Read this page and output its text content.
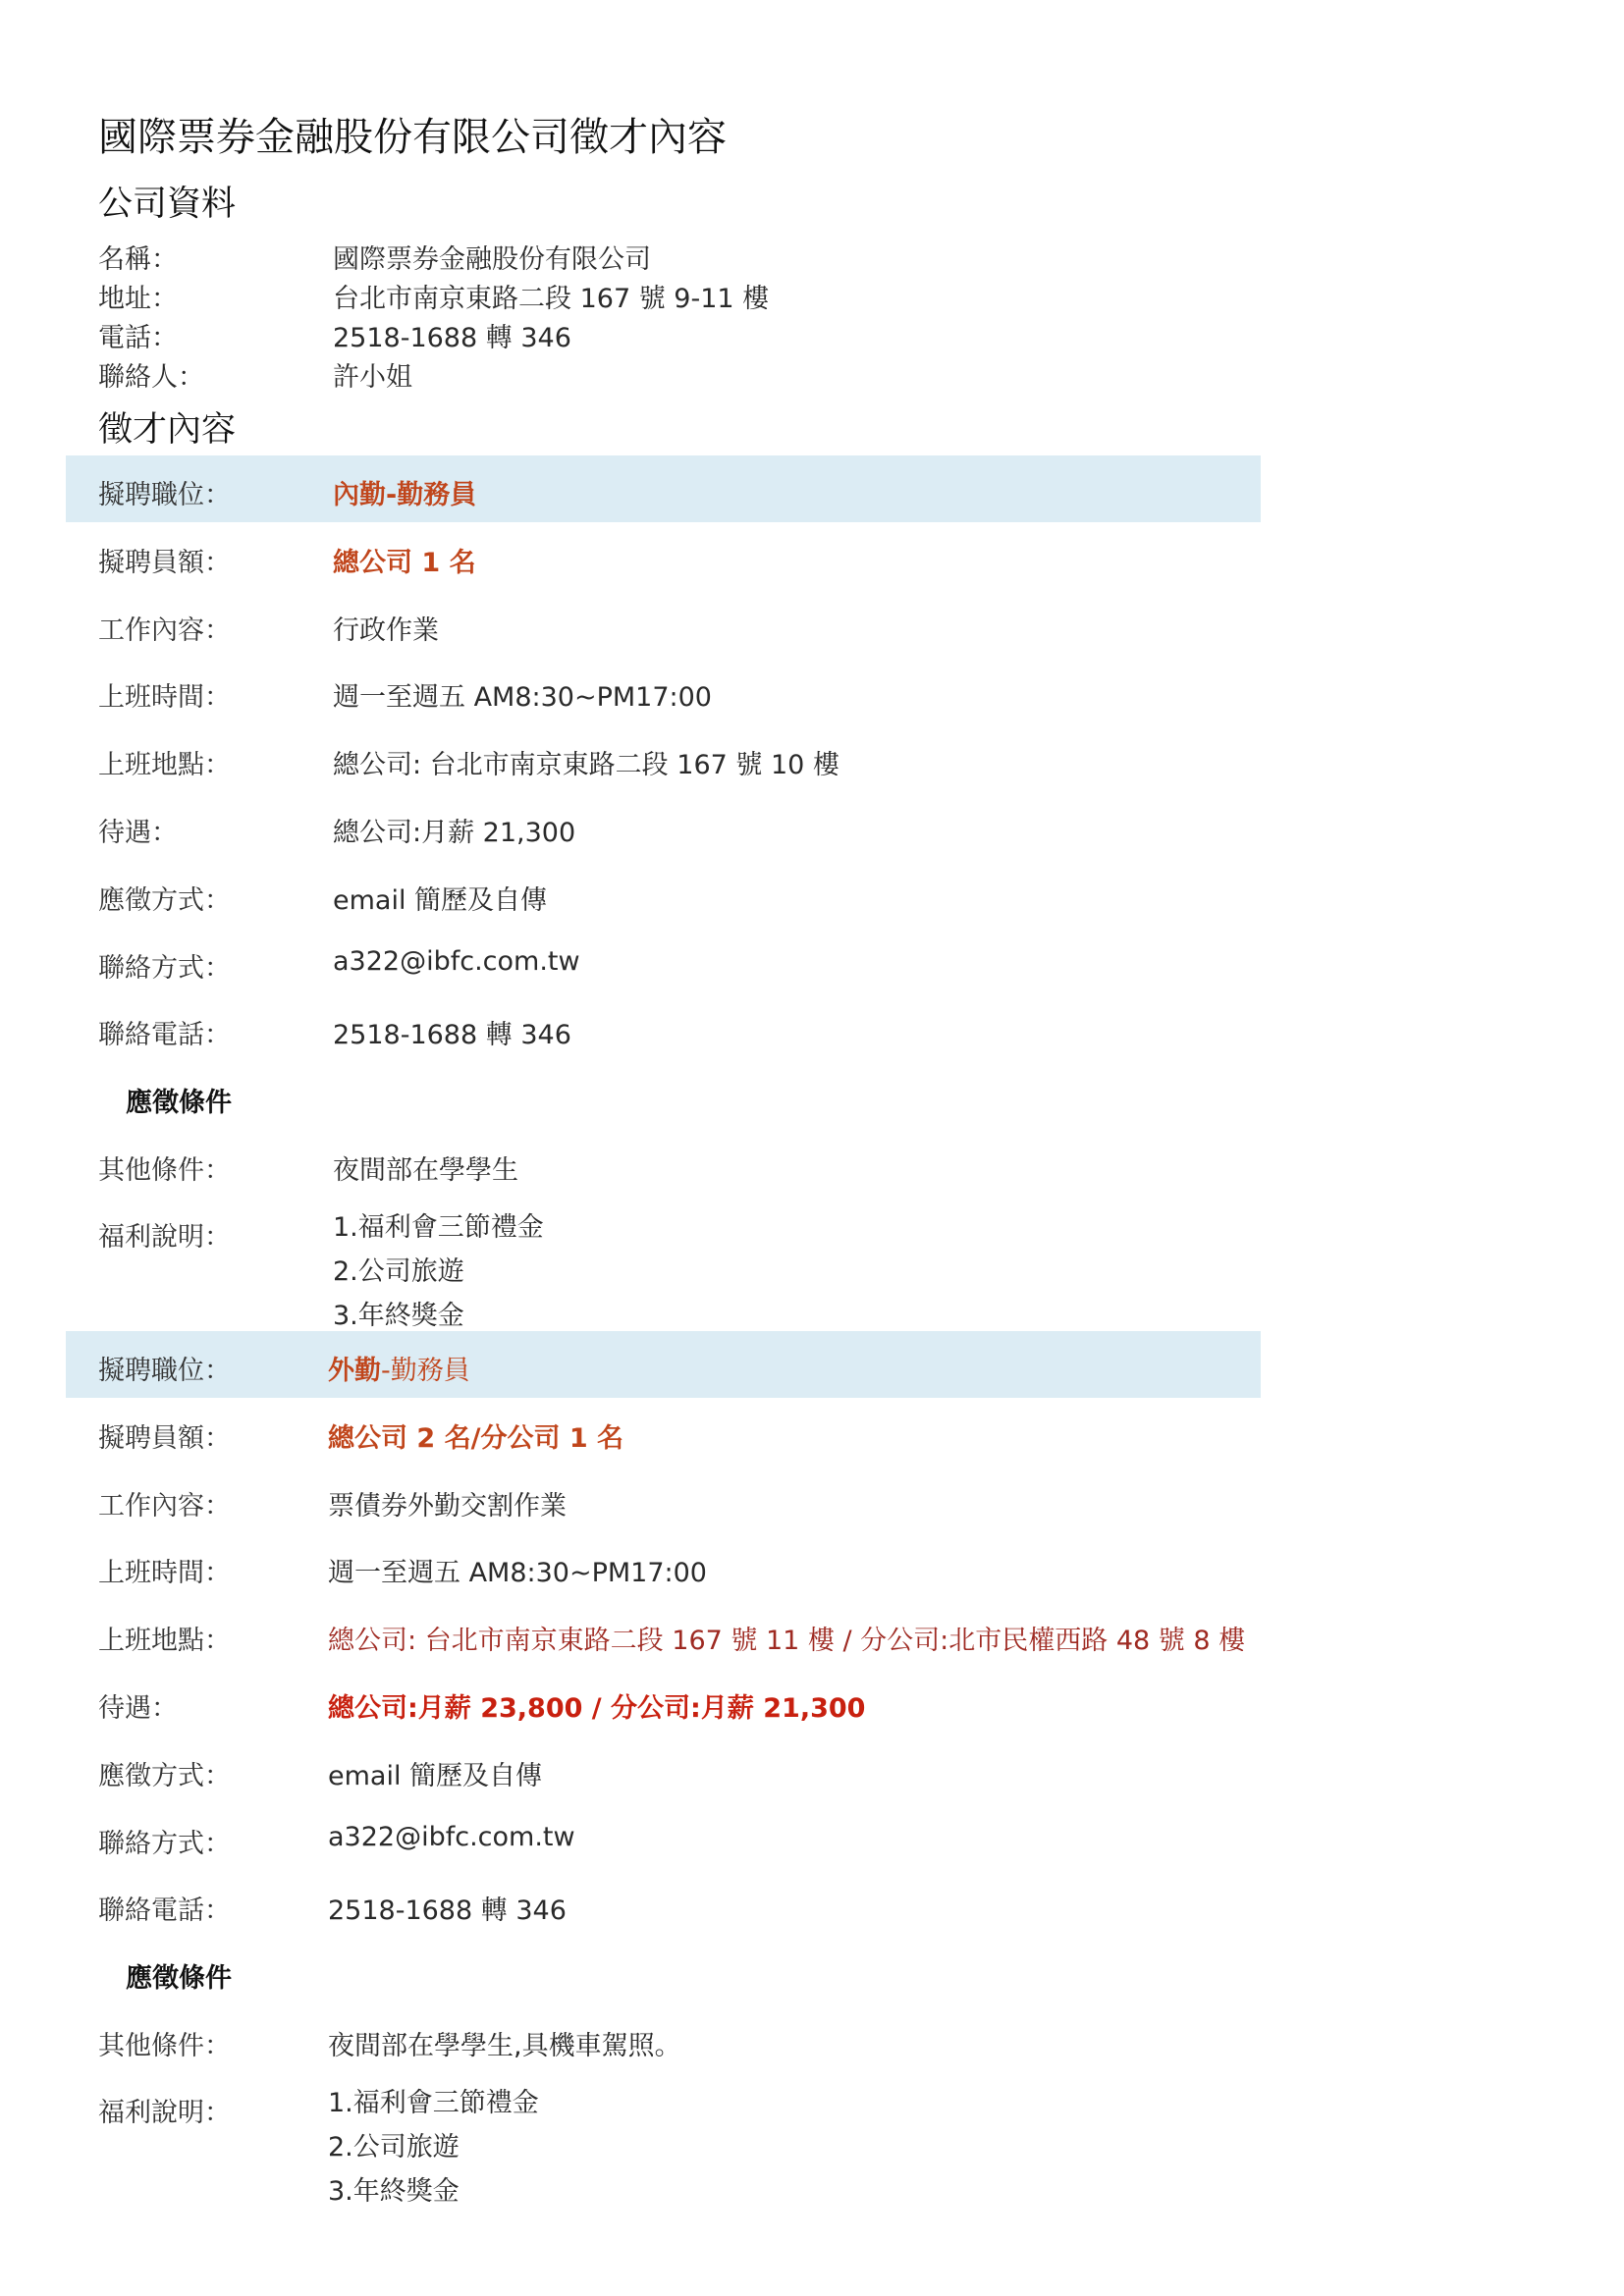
國際票券金融股份有限公司徵才內容
公司資料
名稱：	國際票券金融股份有限公司
地址：	台北市南京東路二段 167 號 9-11 樓
電話：	2518-1688 轉 346
聯絡人：	許小姐
徵才內容
擬聘職位：	內勤-勤務員
擬聘員額：	總公司 1 名
工作內容：	行政作業
上班時間：	週一至週五 AM8:30~PM17:00
上班地點：	總公司: 台北市南京東路二段 167 號 10 樓
待遇：	總公司:月薪 21,300
應徵方式：	email 簡歷及自傳
聯絡方式：	a322@ibfc.com.tw
聯絡電話：	2518-1688 轉 346
應徵條件
其他條件：	夜間部在學學生
福利說明：	1.福利會三節禮金
2.公司旅遊
3.年終獎金
擬聘職位：	外勤-勤務員
擬聘員額：	總公司 2 名/分公司 1 名
工作內容：	票債券外勤交割作業
上班時間：	週一至週五 AM8:30~PM17:00
上班地點：	總公司: 台北市南京東路二段 167 號 11 樓 / 分公司:北市民權西路 48 號 8 樓
待遇：	總公司:月薪 23,800 / 分公司:月薪 21,300
應徵方式：	email 簡歷及自傳
聯絡方式：	a322@ibfc.com.tw
聯絡電話：	2518-1688 轉 346
應徵條件
其他條件：	夜間部在學學生,具機車駕照。
福利說明：	1.福利會三節禮金
2.公司旅遊
3.年終獎金
